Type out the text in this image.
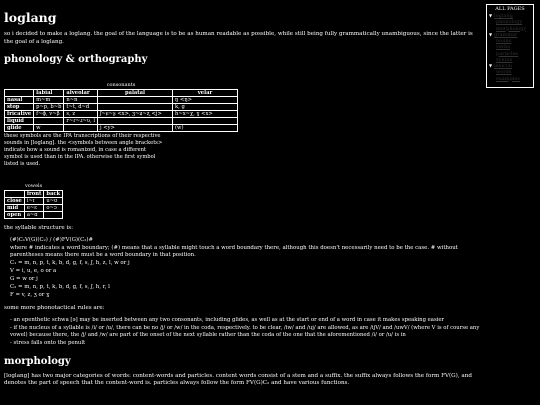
loglang

so i decided to make a loglang. the goal of the language is to be as human readable as possible, while still being fully grammatically unambiguous, since the latter is the goal of a loglang.

phonology & orthography
consonants
	labial	alveolar	palatal	velar
nasal	m~m	n~n		ŋ <ŋ>
stop	p~p, b~b	t~t, d~d		k, g
fricative	f~ɸ, v~β	s, z	ʃ~ɕ~ʂ <x>, ʒ~ʑ~ʐ <j>	h~x~χ, ɣ <x>
liquid		r~ɾ~ɹ~ʋ, l		
glide	w		j <y>	(w)

these symbols are the IPA transcriptions of their respective sounds in [loglang]. the <symbols between angle brackets> indicate how a sound is romanized, in case a different symbol is used than in the IPA. otherwise the first symbol listed is used.

vowels
	front	back
close	i~ɪ	u~ʊ
mid	e~ɛ	o~ɔ
open	a~ɑ	

the syllable structure is:

(#)C₁V(G)(C₂) / (#)FV(G)(C₂)#
where # indicates a word boundary; (#) means that a syllable might touch a word boundary there, although this doesn't necessarily need to be the case. # without parentheses means there must be a word boundary in that position.
C₁ = m, n, p, t, k, b, d, g, f, s, ʃ, h, z, l, w or j
V = i, u, e, o or a
G = w or j
C₂ = m, n, p, t, k, b, d, g, f, s, ʃ, h, r, l
F = v, z, ʒ or ɣ

some more phonotactical rules are:

- an epenthetic schwa [ə] may be inserted between any two consonants, including glides, as well as at the start or end of a word in case it makes speaking easier
- if the nucleus of a syllable is /i/ or /u/, there can be no /j/ or /w/ in the coda, respectively. to be clear, /iw/ and /uj/ are allowed, as are /ijV/ and /uwV/ (where V is of course any vowel) because there, the /j/ and /w/ are part of the onset of the next syllable rather than the coda of the one that the aforementioned /i/ or /u/ is in
- stress falls onto the penult
morphology

[loglang] has two major categories of words: content-words and particles. content words consist of a stem and a suffix. the suffix always follows the form FV(G), and denotes the part of speech that the content-word is. particles always follow the form FV(G)C₂ and have various functions.

ALL PAGES
▼ loglang
phonology
morphology
▼ grammar
nouns
verbs
particles
syntax
▼ lexicon
words
examples
